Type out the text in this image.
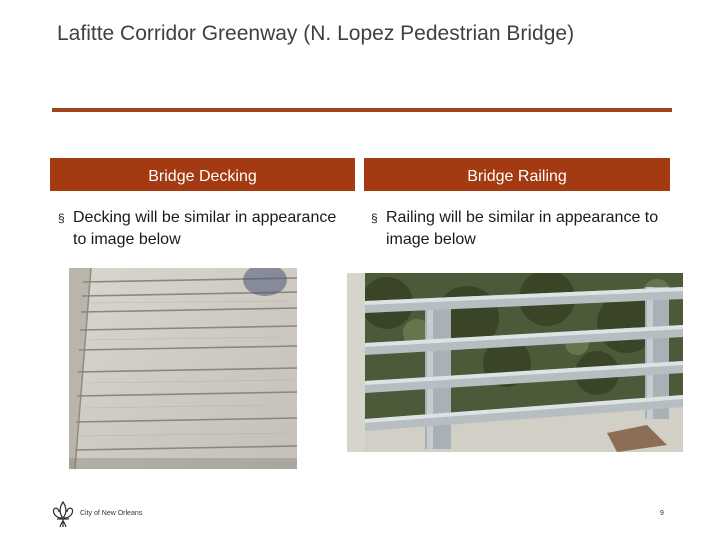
Lafitte Corridor Greenway (N. Lopez Pedestrian Bridge)
Bridge Decking
§ Decking will be similar in appearance to image below
Bridge Railing
§ Railing will be similar in appearance to image below
City of New Orleans	9
